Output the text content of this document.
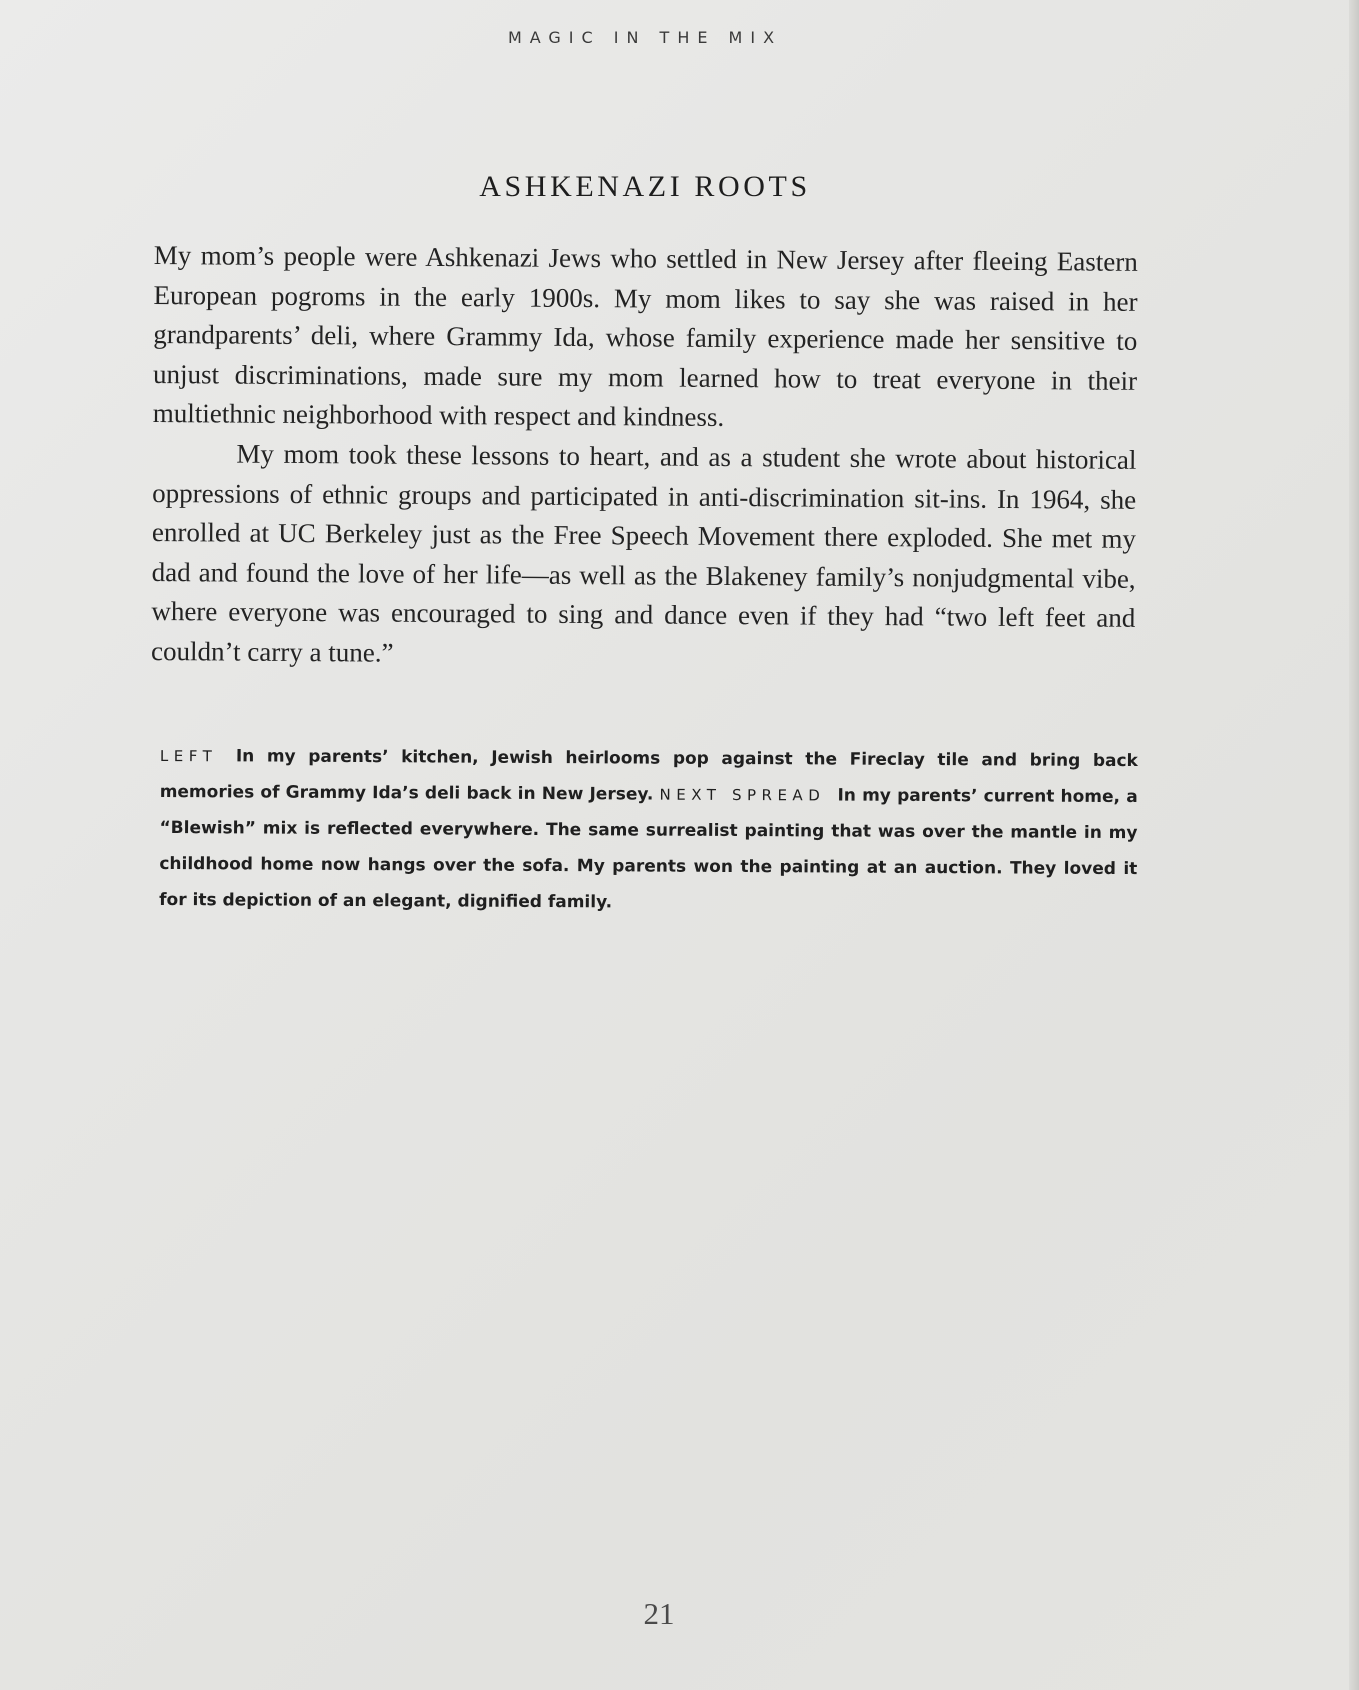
MAGIC IN THE MIX
ASHKENAZI ROOTS

My mom’s people were Ashkenazi Jews who settled in New Jersey after fleeing Eastern European pogroms in the early 1900s. My mom likes to say she was raised in her grandparents’ deli, where Grammy Ida, whose family experience made her sensitive to unjust discriminations, made sure my mom learned how to treat everyone in their multiethnic neighborhood with respect and kindness.

My mom took these lessons to heart, and as a student she wrote about historical oppressions of ethnic groups and participated in anti-discrimination sit-ins. In 1964, she enrolled at UC Berkeley just as the Free Speech Movement there exploded. She met my dad and found the love of her life—as well as the Blakeney family’s nonjudgmental vibe, where everyone was encouraged to sing and dance even if they had “two left feet and couldn’t carry a tune.”

LEFT In my parents’ kitchen, Jewish heirlooms pop against the Fireclay tile and bring back memories of Grammy Ida’s deli back in New Jersey. NEXT SPREAD In my parents’ current home, a “Blewish” mix is reflected everywhere. The same surrealist painting that was over the mantle in my childhood home now hangs over the sofa. My parents won the painting at an auction. They loved it for its depiction of an elegant, dignified family.
21
